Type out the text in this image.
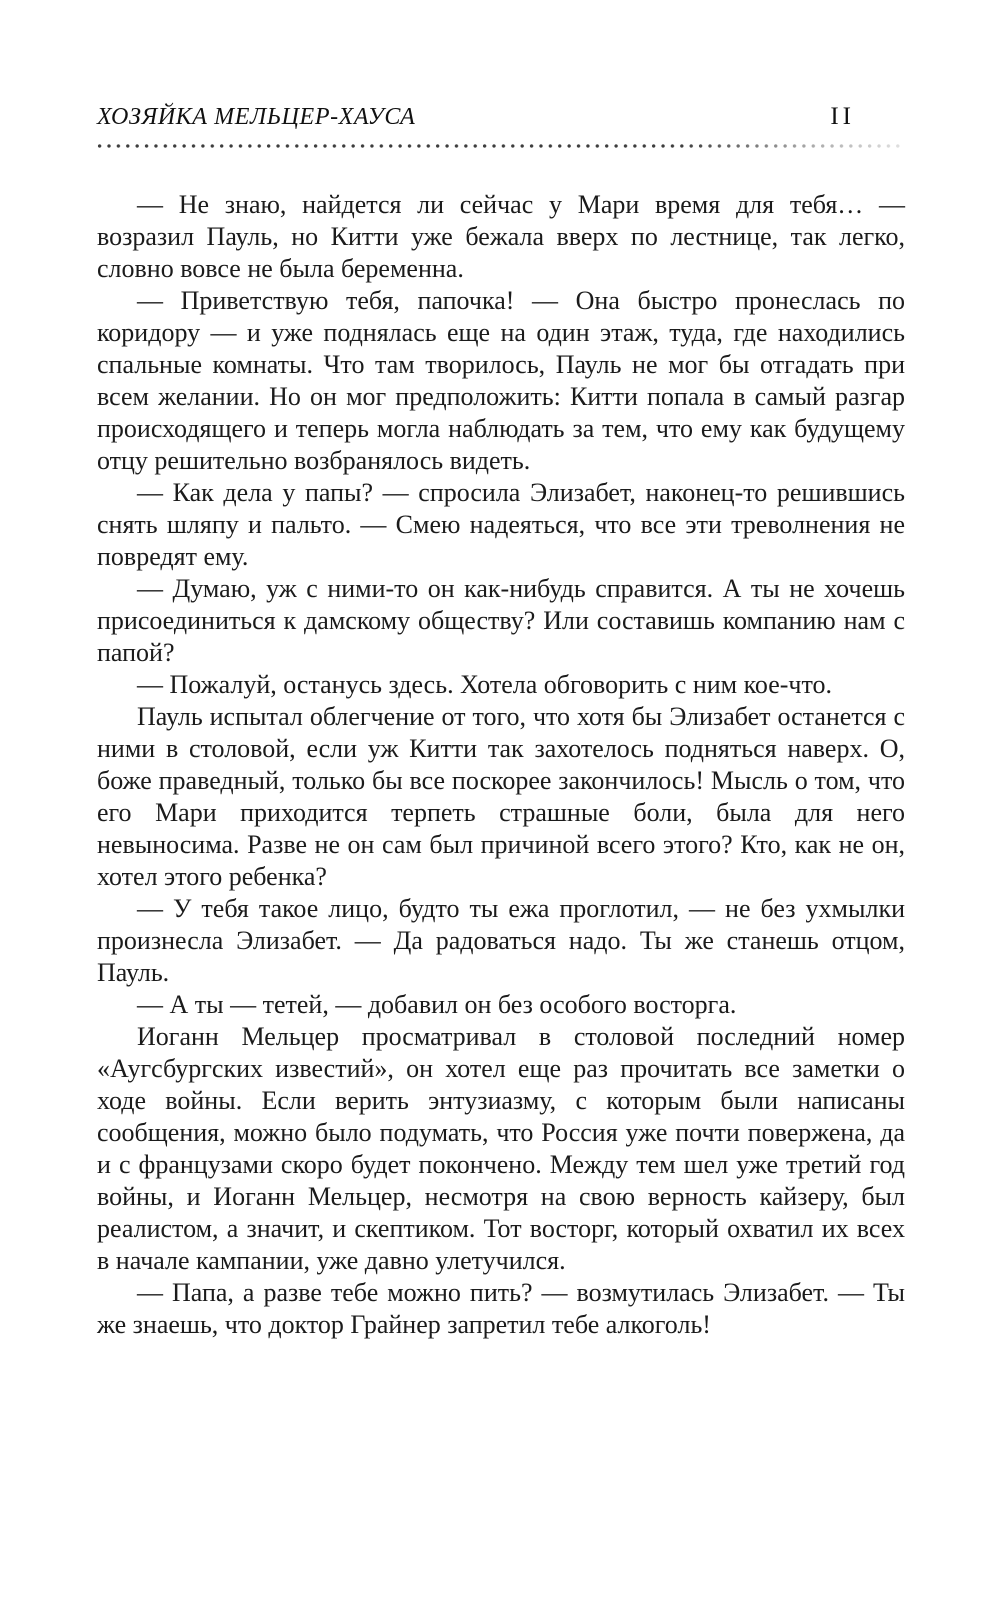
ХОЗЯЙКА МЕЛЬЦЕР-ХАУСА	II

— Не знаю, найдется ли сейчас у Мари время для тебя… — возразил Пауль, но Китти уже бежала вверх по лестнице, так легко, словно вовсе не была беременна.

— Приветствую тебя, папочка! — Она быстро пронеслась по коридору — и уже поднялась еще на один этаж, туда, где находились спальные комнаты. Что там творилось, Пауль не мог бы отгадать при всем желании. Но он мог предположить: Китти попала в самый разгар происходящего и теперь могла наблюдать за тем, что ему как будущему отцу решительно возбранялось видеть.

— Как дела у папы? — спросила Элизабет, наконец-то решившись снять шляпу и пальто. — Смею надеяться, что все эти треволнения не повредят ему.

— Думаю, уж с ними-то он как-нибудь справится. А ты не хочешь присоединиться к дамскому обществу? Или составишь компанию нам с папой?

— Пожалуй, останусь здесь. Хотела обговорить с ним кое-что.

Пауль испытал облегчение от того, что хотя бы Элизабет останется с ними в столовой, если уж Китти так захотелось подняться наверх. О, боже праведный, только бы все поскорее закончилось! Мысль о том, что его Мари приходится терпеть страшные боли, была для него невыносима. Разве не он сам был причиной всего этого? Кто, как не он, хотел этого ребенка?

— У тебя такое лицо, будто ты ежа проглотил, — не без ухмылки произнесла Элизабет. — Да радоваться надо. Ты же станешь отцом, Пауль.

— А ты — тетей, — добавил он без особого восторга.

Иоганн Мельцер просматривал в столовой последний номер «Аугсбургских известий», он хотел еще раз прочитать все заметки о ходе войны. Если верить энтузиазму, с которым были написаны сообщения, можно было подумать, что Россия уже почти повержена, да и с французами скоро будет покончено. Между тем шел уже третий год войны, и Иоганн Мельцер, несмотря на свою верность кайзеру, был реалистом, а значит, и скептиком. Тот восторг, который охватил их всех в начале кампании, уже давно улетучился.

— Папа, а разве тебе можно пить? — возмутилась Элизабет. — Ты же знаешь, что доктор Грайнер запретил тебе алкоголь!
